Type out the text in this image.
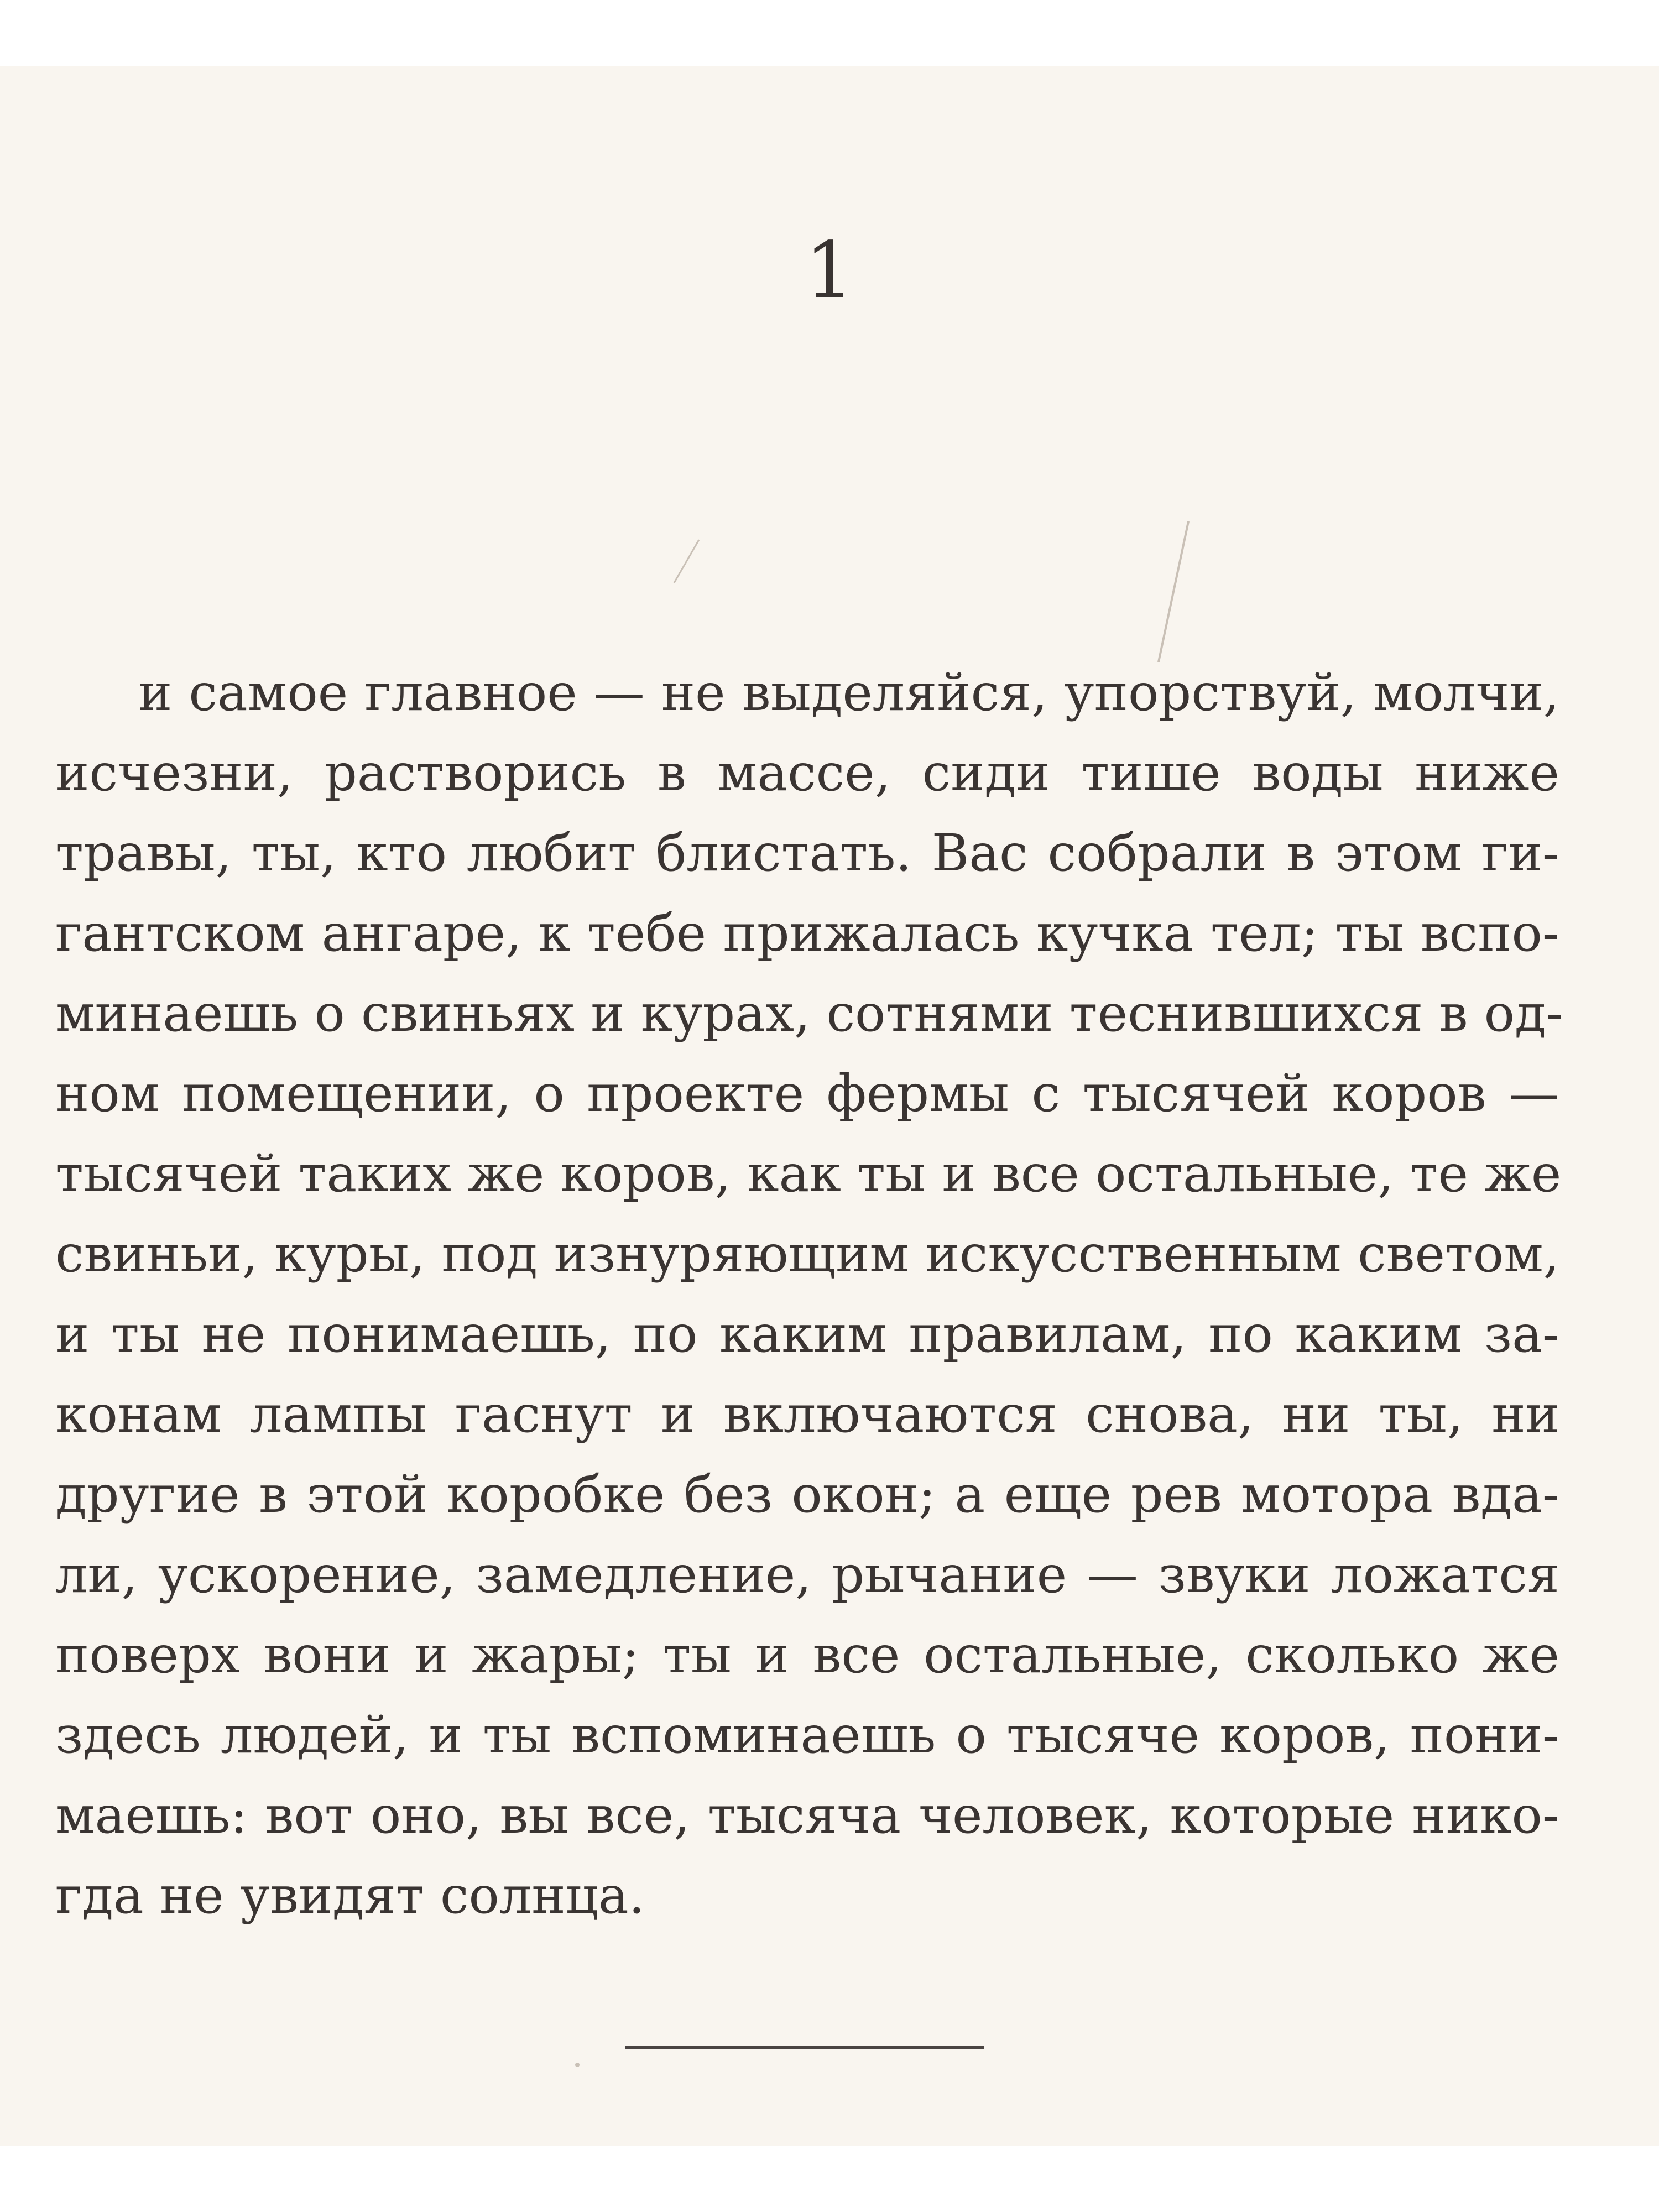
1
и самое главное — не выделяйся, упорствуй, молчи,
исчезни, растворись в массе, сиди тише воды ниже
травы, ты, кто любит блистать. Вас собрали в этом ги-
гантском ангаре, к тебе прижалась кучка тел; ты вспо-
минаешь о свиньях и курах, сотнями теснившихся в од-
ном помещении, о проекте фермы с тысячей коров —
тысячей таких же коров, как ты и все остальные, те же
свиньи, куры, под изнуряющим искусственным светом,
и ты не понимаешь, по каким правилам, по каким за-
конам лампы гаснут и включаются снова, ни ты, ни
другие в этой коробке без окон; а еще рев мотора вда-
ли, ускорение, замедление, рычание — звуки ложатся
поверх вони и жары; ты и все остальные, сколько же
здесь людей, и ты вспоминаешь о тысяче коров, пони-
маешь: вот оно, вы все, тысяча человек, которые нико-
гда не увидят солнца.
